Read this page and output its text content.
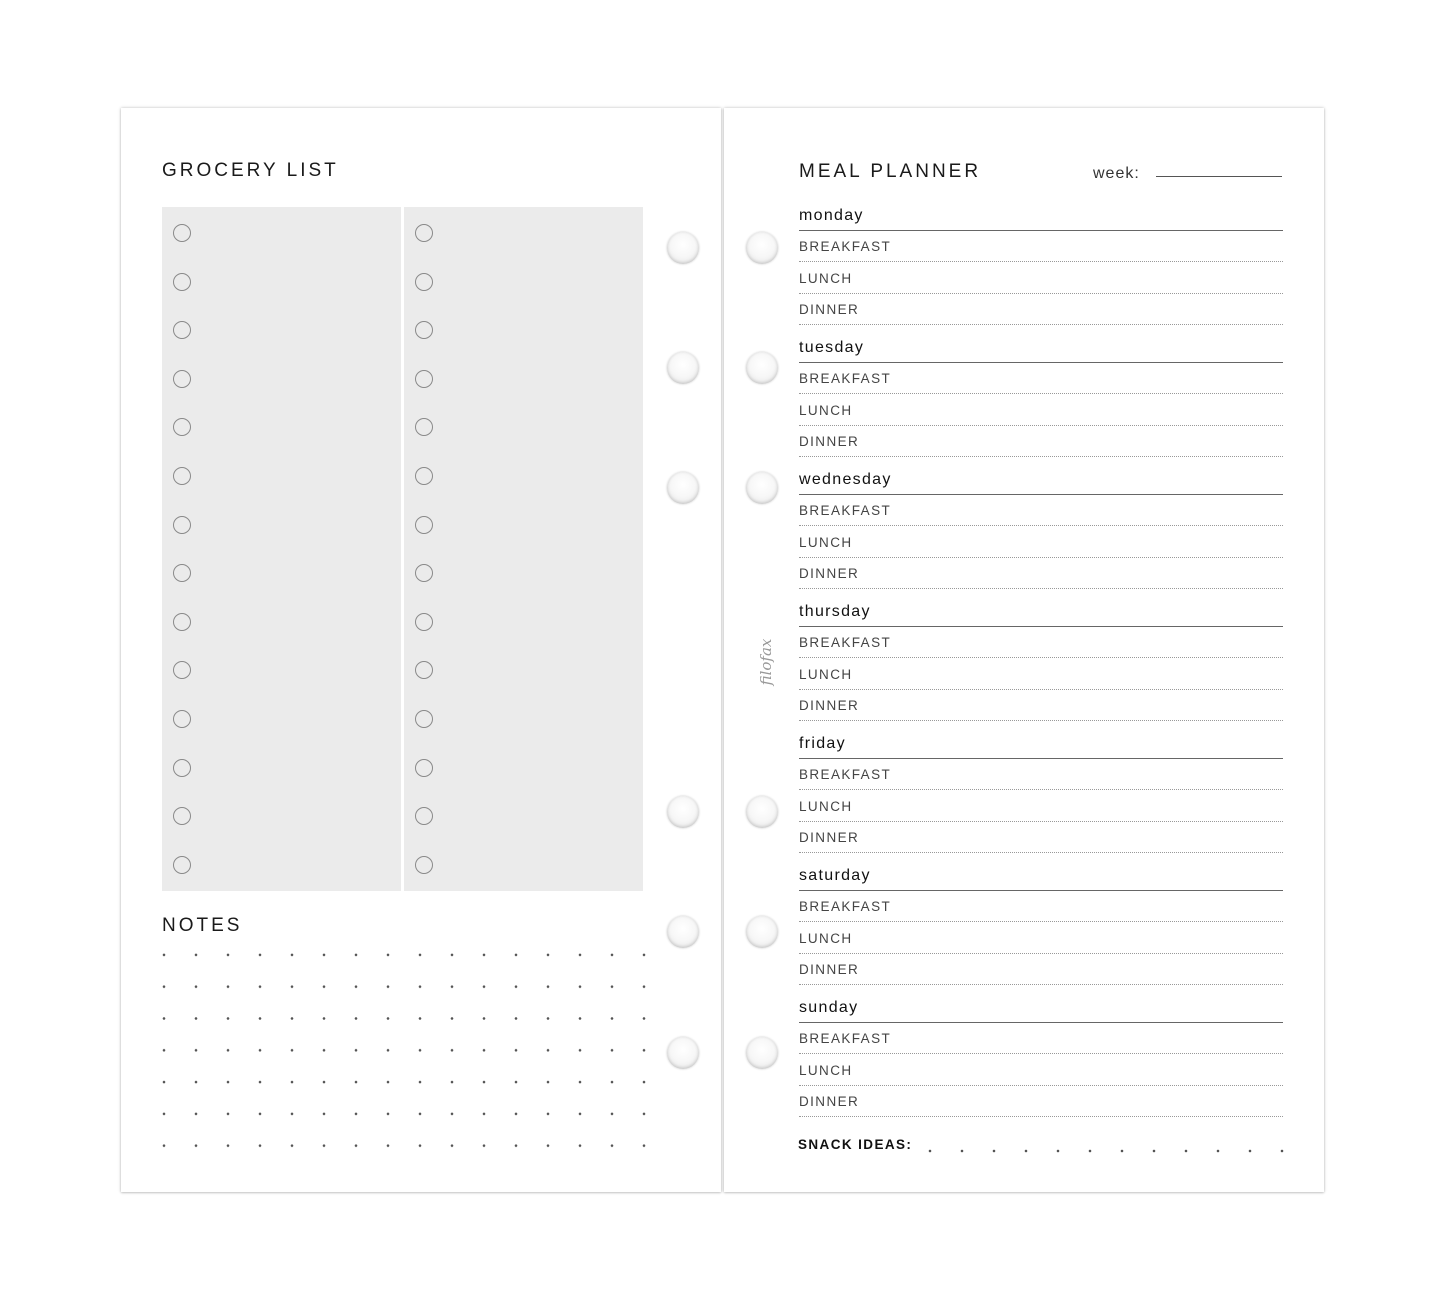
GROCERY LIST
NOTES
MEAL PLANNER	week:
filofax
monday
BREAKFAST
LUNCH
DINNER
tuesday
BREAKFAST
LUNCH
DINNER
wednesday
BREAKFAST
LUNCH
DINNER
thursday
BREAKFAST
LUNCH
DINNER
friday
BREAKFAST
LUNCH
DINNER
saturday
BREAKFAST
LUNCH
DINNER
sunday
BREAKFAST
LUNCH
DINNER
SNACK IDEAS:
